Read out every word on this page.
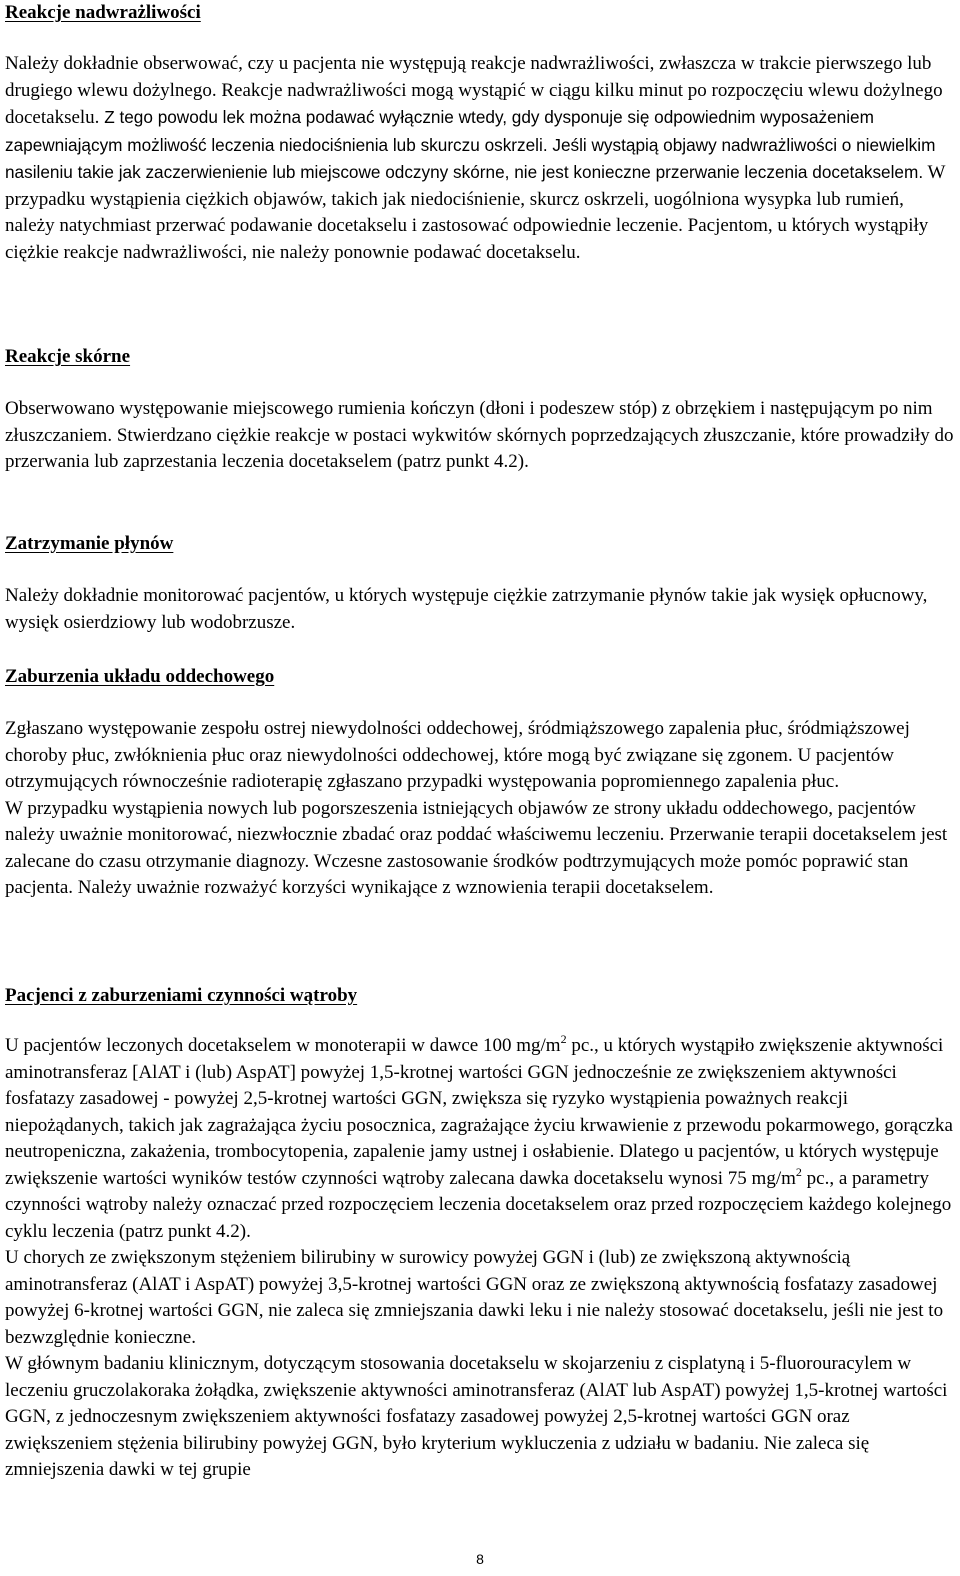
Reakcje nadwrażliwości

Należy dokładnie obserwować, czy u pacjenta nie występują reakcje nadwrażliwości, zwłaszcza w trakcie pierwszego lub drugiego wlewu dożylnego. Reakcje nadwrażliwości mogą wystąpić w ciągu kilku minut po rozpoczęciu wlewu dożylnego docetakselu. Z tego powodu lek można podawać wyłącznie wtedy, gdy dysponuje się odpowiednim wyposażeniem zapewniającym możliwość leczenia niedociśnienia lub skurczu oskrzeli. Jeśli wystąpią objawy nadwrażliwości o niewielkim nasileniu takie jak zaczerwienienie lub miejscowe odczyny skórne, nie jest konieczne przerwanie leczenia docetakselem. W przypadku wystąpienia ciężkich objawów, takich jak niedociśnienie, skurcz oskrzeli, uogólniona wysypka lub rumień, należy natychmiast przerwać podawanie docetakselu i zastosować odpowiednie leczenie. Pacjentom, u których wystąpiły ciężkie reakcje nadwrażliwości, nie należy ponownie podawać docetakselu.

Reakcje skórne

Obserwowano występowanie miejscowego rumienia kończyn (dłoni i podeszew stóp) z obrzękiem i następującym po nim złuszczaniem. Stwierdzano ciężkie reakcje w postaci wykwitów skórnych poprzedzających złuszczanie, które prowadziły do przerwania lub zaprzestania leczenia docetakselem (patrz punkt 4.2).

Zatrzymanie płynów

Należy dokładnie monitorować pacjentów, u których występuje ciężkie zatrzymanie płynów takie jak wysięk opłucnowy, wysięk osierdziowy lub wodobrzusze.

Zaburzenia układu oddechowego
Zgłaszano występowanie zespołu ostrej niewydolności oddechowej, śródmiąższowego zapalenia płuc, śródmiąższowej choroby płuc, zwłóknienia płuc oraz niewydolności oddechowej, które mogą być związane się zgonem. U pacjentów otrzymujących równocześnie radioterapię zgłaszano przypadki występowania popromiennego zapalenia płuc.
W przypadku wystąpienia nowych lub pogorszeszenia istniejących objawów ze strony układu oddechowego, pacjentów należy uważnie monitorować, niezwłocznie zbadać oraz poddać właściwemu leczeniu. Przerwanie terapii docetakselem jest zalecane do czasu otrzymanie diagnozy. Wczesne zastosowanie środków podtrzymujących może pomóc poprawić stan pacjenta. Należy uważnie rozważyć korzyści wynikające z wznowienia terapii docetakselem.
Pacjenci z zaburzeniami czynności wątroby
U pacjentów leczonych docetakselem w monoterapii w dawce 100 $mg/m^2$ pc., u których wystąpiło zwiększenie aktywności aminotransferaz [AlAT i (lub) AspAT] powyżej 1,5-krotnej wartości GGN jednocześnie ze zwiększeniem aktywności fosfatazy zasadowej - powyżej 2,5-krotnej wartości GGN, zwiększa się ryzyko wystąpienia poważnych reakcji niepożądanych, takich jak zagrażająca życiu posocznica, zagrażające życiu krwawienie z przewodu pokarmowego, gorączka neutropeniczna, zakażenia, trombocytopenia, zapalenie jamy ustnej i osłabienie. Dlatego u pacjentów, u których występuje zwiększenie wartości wyników testów czynności wątroby zalecana dawka docetakselu wynosi 75 $mg/m^2$ pc., a parametry czynności wątroby należy oznaczać przed rozpoczęciem leczenia docetakselem oraz przed rozpoczęciem każdego kolejnego cyklu leczenia (patrz punkt 4.2).
U chorych ze zwiększonym stężeniem bilirubiny w surowicy powyżej GGN i (lub) ze zwiększoną aktywnością aminotransferaz (AlAT i AspAT) powyżej 3,5-krotnej wartości GGN oraz ze zwiększoną aktywnością fosfatazy zasadowej powyżej 6-krotnej wartości GGN, nie zaleca się zmniejszania dawki leku i nie należy stosować docetakselu, jeśli nie jest to bezwzględnie konieczne.
W głównym badaniu klinicznym, dotyczącym stosowania docetakselu w skojarzeniu z cisplatyną i 5-fluorouracylem w leczeniu gruczolakoraka żołądka, zwiększenie aktywności aminotransferaz (AlAT lub AspAT) powyżej 1,5-krotnej wartości GGN, z jednoczesnym zwiększeniem aktywności fosfatazy zasadowej powyżej 2,5-krotnej wartości GGN oraz zwiększeniem stężenia bilirubiny powyżej GGN, było kryterium wykluczenia z udziału w badaniu. Nie zaleca się zmniejszenia dawki w tej grupie
8
